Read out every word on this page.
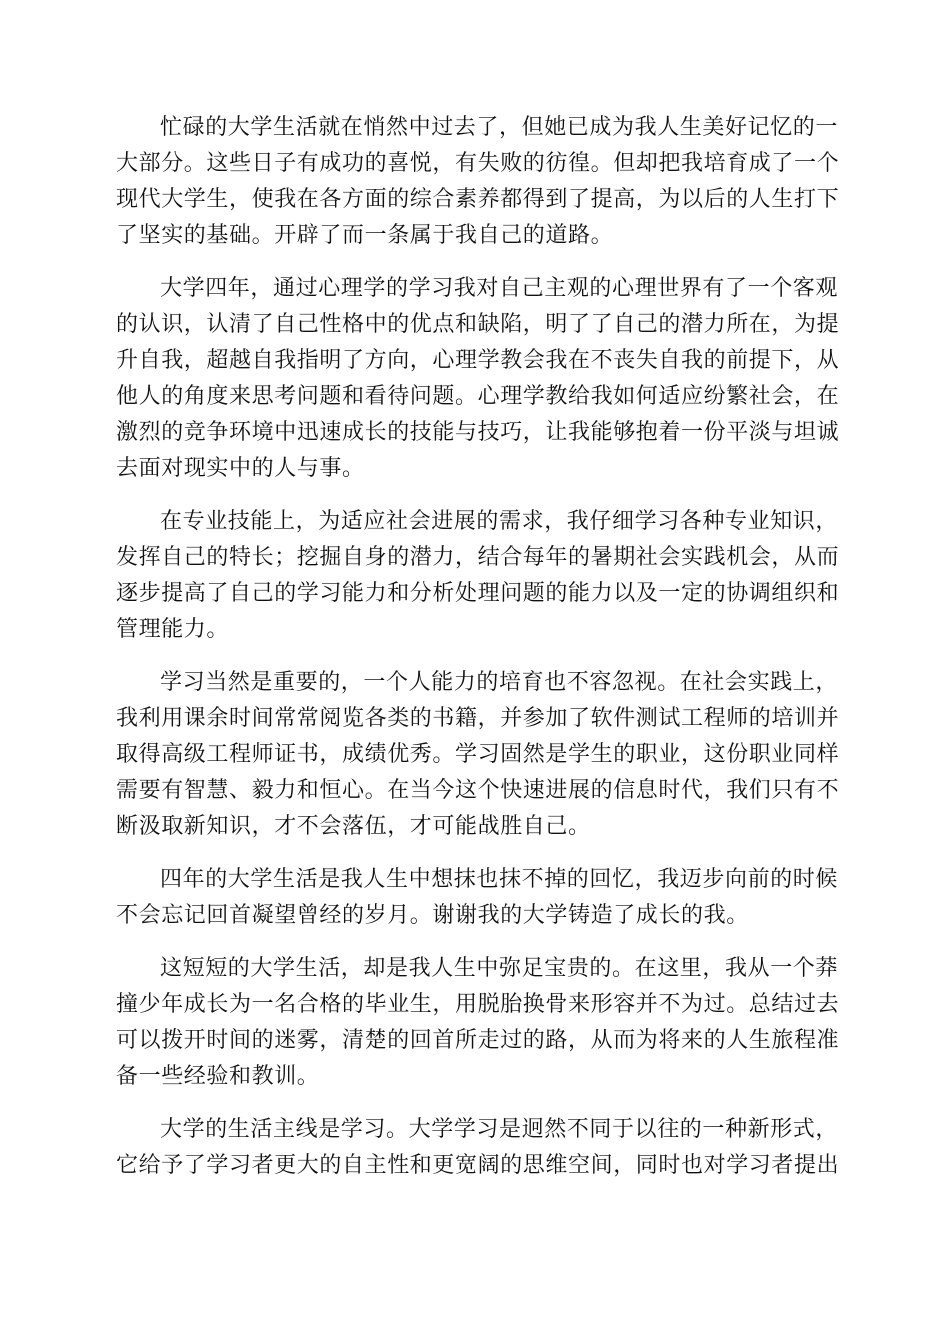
忙碌的大学生活就在悄然中过去了，但她已成为我人生美好记忆的一
大部分。这些日子有成功的喜悦，有失败的彷徨。但却把我培育成了一个
现代大学生，使我在各方面的综合素养都得到了提高，为以后的人生打下
了坚实的基础。开辟了而一条属于我自己的道路。
大学四年，通过心理学的学习我对自己主观的心理世界有了一个客观
的认识，认清了自己性格中的优点和缺陷，明了了自己的潜力所在，为提
升自我，超越自我指明了方向，心理学教会我在不丧失自我的前提下，从
他人的角度来思考问题和看待问题。心理学教给我如何适应纷繁社会，在
激烈的竞争环境中迅速成长的技能与技巧，让我能够抱着一份平淡与坦诚
去面对现实中的人与事。
在专业技能上，为适应社会进展的需求，我仔细学习各种专业知识，
发挥自己的特长；挖掘自身的潜力，结合每年的暑期社会实践机会，从而
逐步提高了自己的学习能力和分析处理问题的能力以及一定的协调组织和
管理能力。
学习当然是重要的，一个人能力的培育也不容忽视。在社会实践上，
我利用课余时间常常阅览各类的书籍，并参加了软件测试工程师的培训并
取得高级工程师证书，成绩优秀。学习固然是学生的职业，这份职业同样
需要有智慧、毅力和恒心。在当今这个快速进展的信息时代，我们只有不
断汲取新知识，才不会落伍，才可能战胜自己。
四年的大学生活是我人生中想抹也抹不掉的回忆，我迈步向前的时候
不会忘记回首凝望曾经的岁月。谢谢我的大学铸造了成长的我。
这短短的大学生活，却是我人生中弥足宝贵的。在这里，我从一个莽
撞少年成长为一名合格的毕业生，用脱胎换骨来形容并不为过。总结过去
可以拨开时间的迷雾，清楚的回首所走过的路，从而为将来的人生旅程准
备一些经验和教训。
大学的生活主线是学习。大学学习是迥然不同于以往的一种新形式，
它给予了学习者更大的自主性和更宽阔的思维空间，同时也对学习者提出
